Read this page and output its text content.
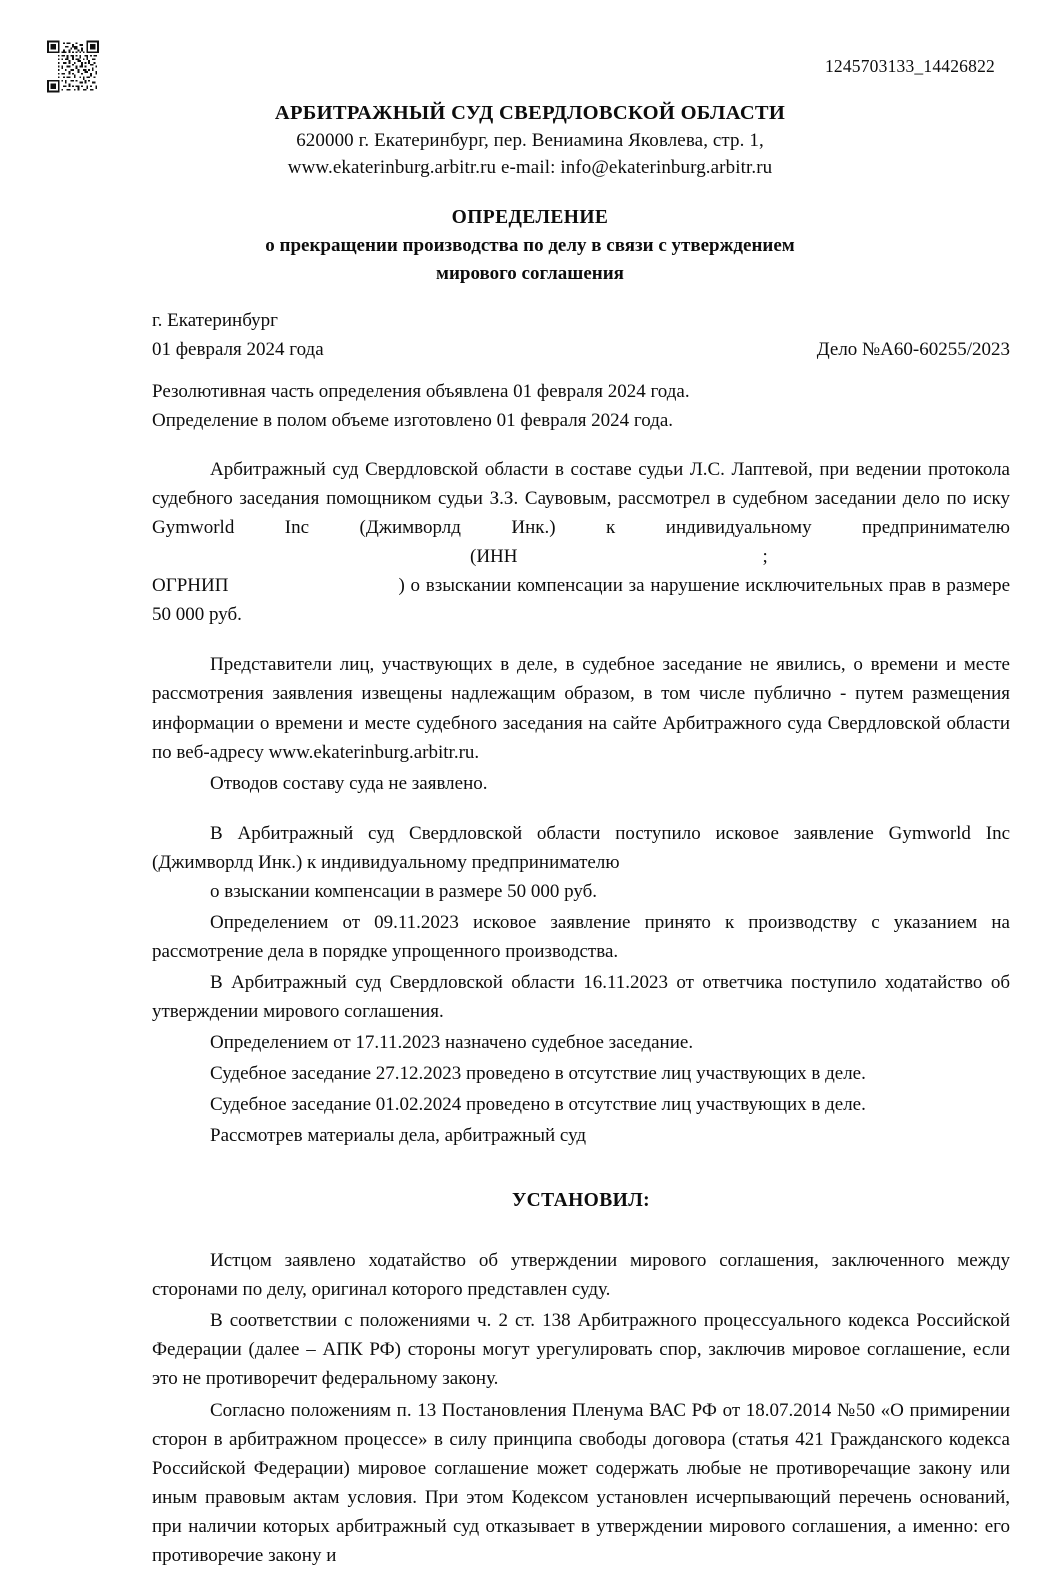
1245703133_14426822
АРБИТРАЖНЫЙ СУД СВЕРДЛОВСКОЙ ОБЛАСТИ
620000 г. Екатеринбург, пер. Вениамина Яковлева, стр. 1,
www.ekaterinburg.arbitr.ru e-mail: info@ekaterinburg.arbitr.ru
ОПРЕДЕЛЕНИЕ
о прекращении производства по делу в связи с утверждением
мирового соглашения
г. Екатеринбург
01 февраля 2024 года	Дело №А60-60255/2023
Резолютивная часть определения объявлена 01 февраля 2024 года.
Определение в полом объеме изготовлено 01 февраля 2024 года.

Арбитражный суд Свердловской области в составе судьи Л.С. Лаптевой, при ведении протокола судебного заседания помощником судьи З.З. Саувовым, рассмотрел в судебном заседании дело по иску Gymworld Inc (Джимворлд Инк.) к индивидуальному предпринимателю(ИНН	;
ОГРНИП	) о взыскании компенсации за нарушение исключительных прав в размере 50 000 руб.

Представители лиц, участвующих в деле, в судебное заседание не явились, о времени и месте рассмотрения заявления извещены надлежащим образом, в том числе публично - путем размещения информации о времени и месте судебного заседания на сайте Арбитражного суда Свердловской области по веб-адресу www.ekaterinburg.arbitr.ru.

Отводов составу суда не заявлено.

В Арбитражный суд Свердловской области поступило исковое заявление Gymworld Inc (Джимворлд Инк.) к индивидуальному предпринимателю
о взыскании компенсации в размере 50 000 руб.

Определением от 09.11.2023 исковое заявление принято к производству с указанием на рассмотрение дела в порядке упрощенного производства.

В Арбитражный суд Свердловской области 16.11.2023 от ответчика поступило ходатайство об утверждении мирового соглашения.

Определением от 17.11.2023 назначено судебное заседание.

Судебное заседание 27.12.2023 проведено в отсутствие лиц участвующих в деле.

Судебное заседание 01.02.2024 проведено в отсутствие лиц участвующих в деле.

Рассмотрев материалы дела, арбитражный суд

УСТАНОВИЛ:

Истцом заявлено ходатайство об утверждении мирового соглашения, заключенного между сторонами по делу, оригинал которого представлен суду.

В соответствии с положениями ч. 2 ст. 138 Арбитражного процессуального кодекса Российской Федерации (далее – АПК РФ) стороны могут урегулировать спор, заключив мировое соглашение, если это не противоречит федеральному закону.

Согласно положениям п. 13 Постановления Пленума ВАС РФ от 18.07.2014 №50 «О примирении сторон в арбитражном процессе» в силу принципа свободы договора (статья 421 Гражданского кодекса Российской Федерации) мировое соглашение может содержать любые не противоречащие закону или иным правовым актам условия. При этом Кодексом установлен исчерпывающий перечень оснований, при наличии которых арбитражный суд отказывает в утверждении мирового соглашения, а именно: его противоречие закону и
